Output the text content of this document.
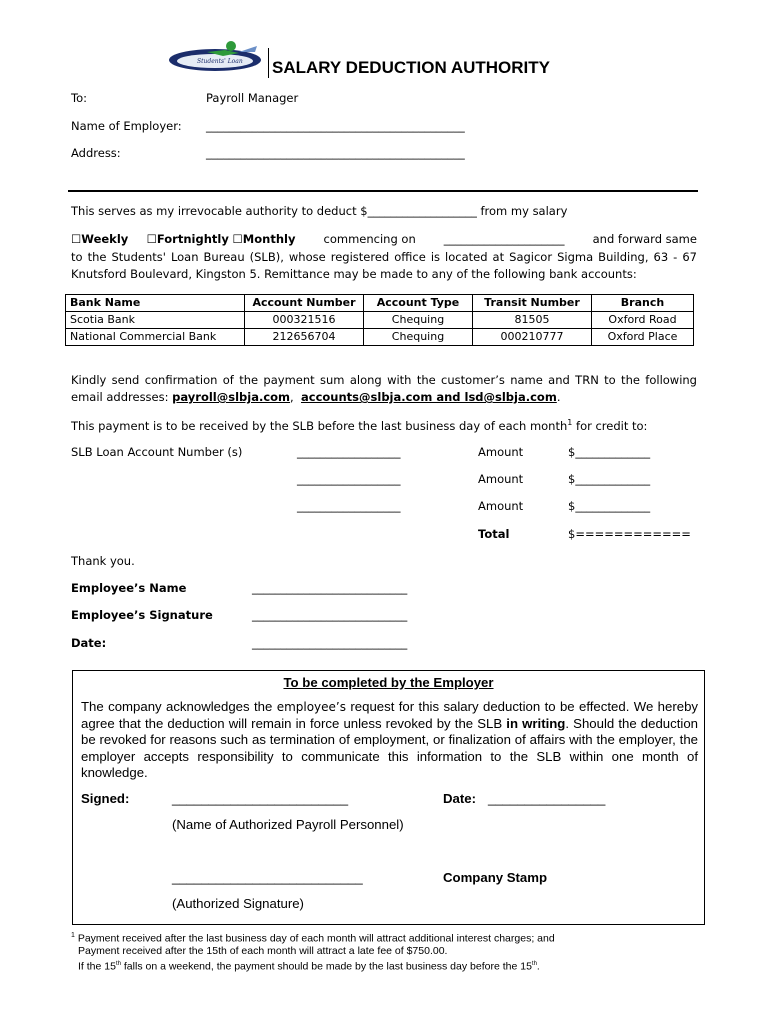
Students' Loan SALARY DEDUCTION AUTHORITY
To:	Payroll Manager
Name of Employer: _____________________________________________
Address:	_____________________________________________
This serves as my irrevocable authority to deduct $___________________ from my salary
☐Weekly ☐Fortnightly ☐Monthly commencing on _____________________ and forward same
to the Students' Loan Bureau (SLB), whose registered office is located at Sagicor Sigma Building, 63 - 67 Knutsford Boulevard, Kingston 5. Remittance may be made to any of the following bank accounts:
Bank Name	Account Number	Account Type	Transit Number	Branch
Scotia Bank	000321516	Chequing	81505	Oxford Road
National Commercial Bank	212656704	Chequing	000210777	Oxford Place
Kindly send confirmation of the payment sum along with the customer’s name and TRN to the following email addresses: payroll@slbja.com, accounts@slbja.com and lsd@slbja.com.
This payment is to be received by the SLB before the last business day of each month$^1$ for credit to:
SLB Loan Account Number (s)	__________________	Amount	$_____________
__________________	Amount	$_____________
__________________	Amount	$_____________
Total	$============
Thank you.
Employee’s Name	___________________________
Employee’s Signature	___________________________
Date:	___________________________
To be completed by the Employer
The company acknowledges the employee’s request for this salary deduction to be effected. We hereby agree that the deduction will remain in force unless revoked by the SLB in writing. Should the deduction be revoked for reasons such as termination of employment, or finalization of affairs with the employer, the employer accepts responsibility to communicate this information to the SLB within one month of knowledge.
Signed:	________________________	Date: ________________
(Name of Authorized Payroll Personnel)
__________________________	Company Stamp
(Authorized Signature)
$^1$ Payment received after the last business day of each month will attract additional interest charges; and
Payment received after the 15th of each month will attract a late fee of $750.00.
If the 15th falls on a weekend, the payment should be made by the last business day before the 15th.
